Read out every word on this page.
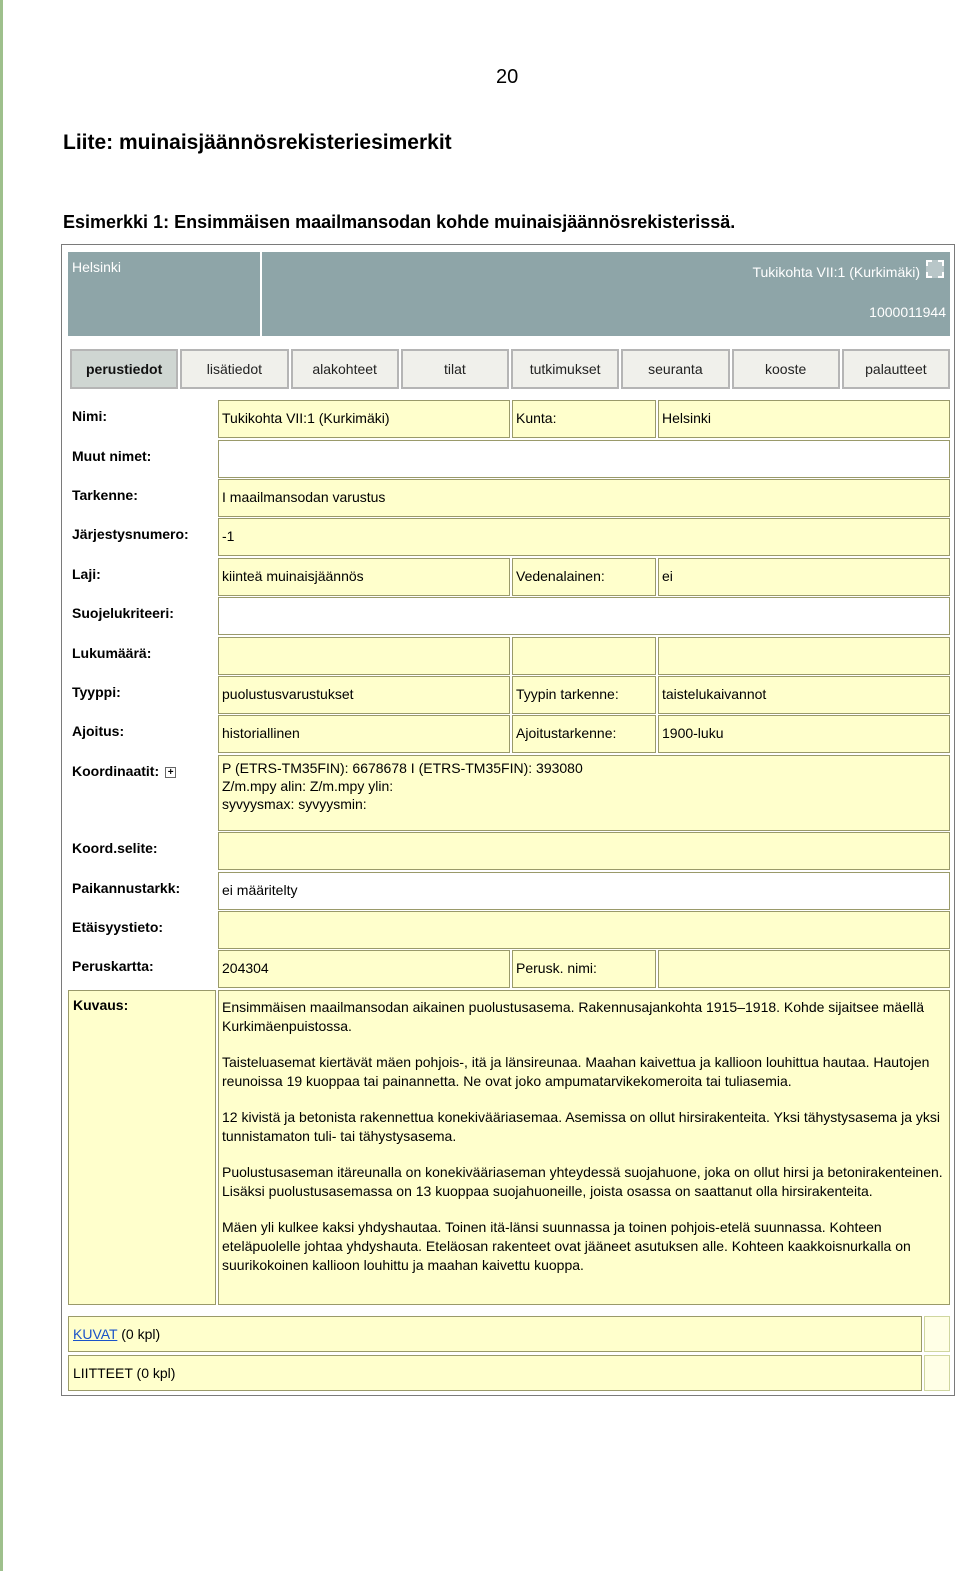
20
Liite: muinaisjäännösrekisteriesimerkit
Esimerkki 1: Ensimmäisen maailmansodan kohde muinaisjäännösrekisterissä.
Helsinki	Tukikohta VII:1 (Kurkimäki)
1000011944
perustiedot	lisätiedot	alakohteet	tilat	tutkimukset	seuranta	kooste	palautteet
Nimi:	Tukikohta VII:1 (Kurkimäki)	Kunta:	Helsinki
Muut nimet:
Tarkenne:	I maailmansodan varustus
Järjestysnumero:	-1
Laji:	kiinteä muinaisjäännös	Vedenalainen:	ei
Suojelukriteeri:
Lukumäärä:
Tyyppi:	puolustusvarustukset	Tyypin tarkenne:	taistelukaivannot
Ajoitus:	historiallinen	Ajoitustarkenne:	1900-luku
Koordinaatit: +	P (ETRS-TM35FIN): 6678678 I (ETRS-TM35FIN): 393080
Z/m.mpy alin: Z/m.mpy ylin:
syvyysmax: syvyysmin:
Koord.selite:
Paikannustarkk:	ei määritelty
Etäisyystieto:
Peruskartta:	204304	Perusk. nimi:
Kuvaus:	Ensimmäisen maailmansodan aikainen puolustusasema. Rakennusajankohta 1915–1918. Kohde sijaitsee mäellä Kurkimäenpuistossa.

Taisteluasemat kiertävät mäen pohjois-, itä ja länsireunaa. Maahan kaivettua ja kallioon louhittua hautaa. Hautojen reunoissa 19 kuoppaa tai painannetta. Ne ovat joko ampumatarvikekomeroita tai tuliasemia.

12 kivistä ja betonista rakennettua konekivääriasemaa. Asemissa on ollut hirsirakenteita. Yksi tähystysasema ja yksi tunnistamaton tuli- tai tähystysasema.

Puolustusaseman itäreunalla on konekivääriaseman yhteydessä suojahuone, joka on ollut hirsi ja betonirakenteinen. Lisäksi puolustusasemassa on 13 kuoppaa suojahuoneille, joista osassa on saattanut olla hirsirakenteita.

Mäen yli kulkee kaksi yhdyshautaa. Toinen itä-länsi suunnassa ja toinen pohjois-etelä suunnassa. Kohteen eteläpuolelle johtaa yhdyshauta. Eteläosan rakenteet ovat jääneet asutuksen alle. Kohteen kaakkoisnurkalla on suurikokoinen kallioon louhittu ja maahan kaivettu kuoppa.

KUVAT (0 kpl)
LIITTEET (0 kpl)
